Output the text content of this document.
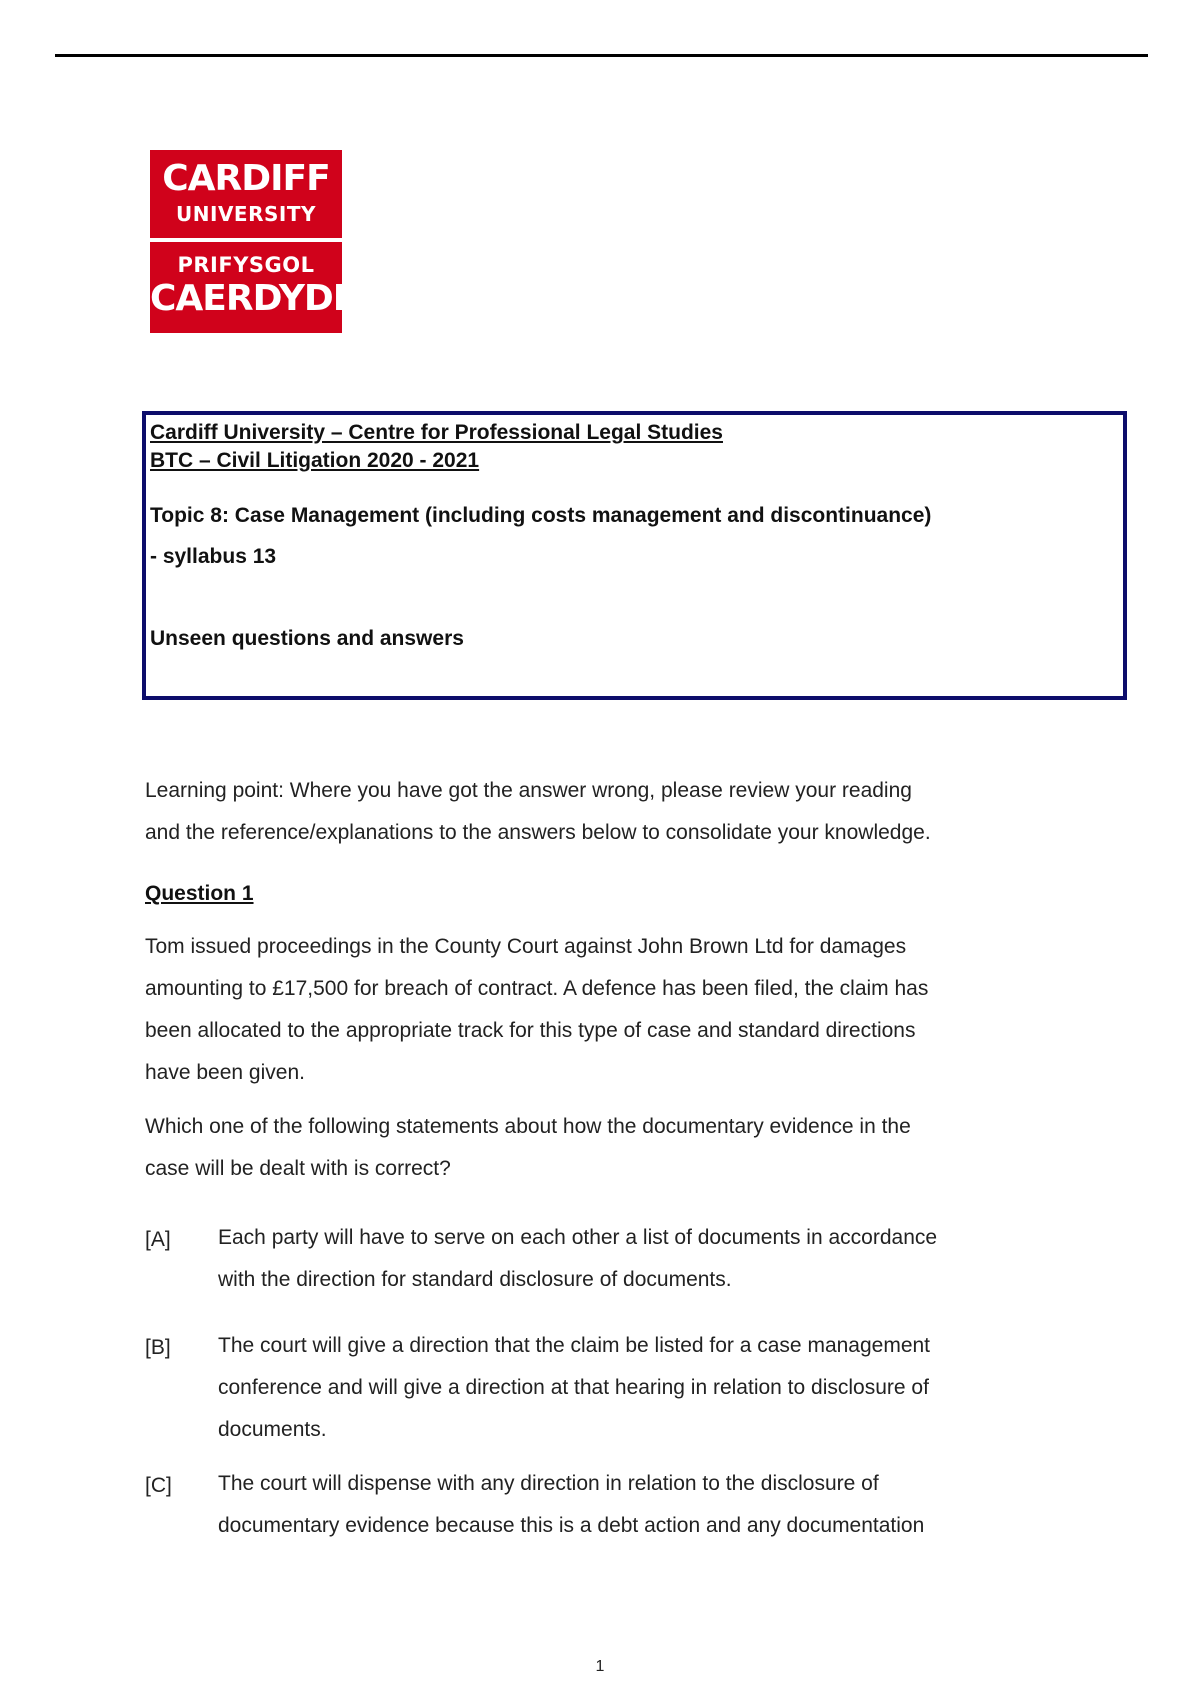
CARDIFF
UNIVERSITY
PRIFYSGOL
CAERDYDD
Cardiff University – Centre for Professional Legal Studies
BTC – Civil Litigation 2020 - 2021
Topic 8: Case Management (including costs management and discontinuance)
- syllabus 13
Unseen questions and answers
Learning point: Where you have got the answer wrong, please review your reading
and the reference/explanations to the answers below to consolidate your knowledge.
Question 1
Tom issued proceedings in the County Court against John Brown Ltd for damages
amounting to £17,500 for breach of contract. A defence has been filed, the claim has
been allocated to the appropriate track for this type of case and standard directions
have been given.
Which one of the following statements about how the documentary evidence in the
case will be dealt with is correct?
[A] Each party will have to serve on each other a list of documents in accordance
with the direction for standard disclosure of documents.
[B] The court will give a direction that the claim be listed for a case management
conference and will give a direction at that hearing in relation to disclosure of
documents.
[C] The court will dispense with any direction in relation to the disclosure of
documentary evidence because this is a debt action and any documentation
1
